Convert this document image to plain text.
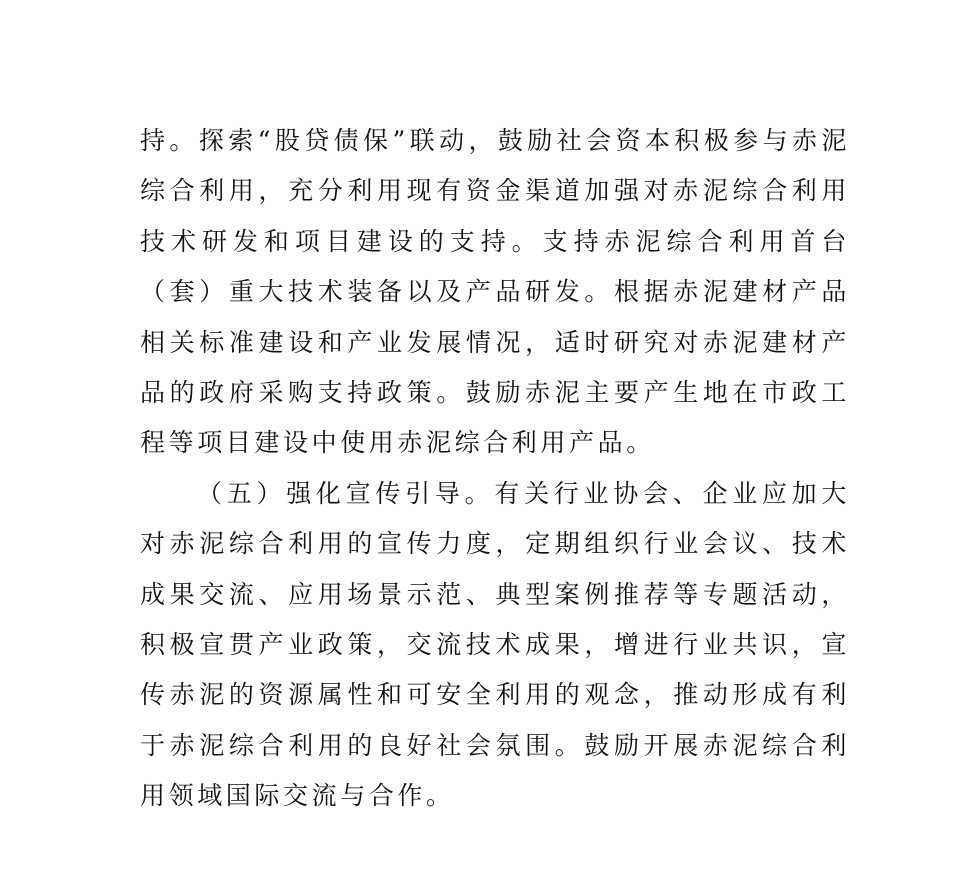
持。探索“股贷债保”联动，鼓励社会资本积极参与赤泥综合利用，充分利用现有资金渠道加强对赤泥综合利用技术研发和项目建设的支持。支持赤泥综合利用首台（套）重大技术装备以及产品研发。根据赤泥建材产品相关标准建设和产业发展情况，适时研究对赤泥建材产品的政府采购支持政策。鼓励赤泥主要产生地在市政工程等项目建设中使用赤泥综合利用产品。

（五）强化宣传引导。有关行业协会、企业应加大对赤泥综合利用的宣传力度，定期组织行业会议、技术成果交流、应用场景示范、典型案例推荐等专题活动，积极宣贯产业政策，交流技术成果，增进行业共识，宣传赤泥的资源属性和可安全利用的观念，推动形成有利于赤泥综合利用的良好社会氛围。鼓励开展赤泥综合利用领域国际交流与合作。
